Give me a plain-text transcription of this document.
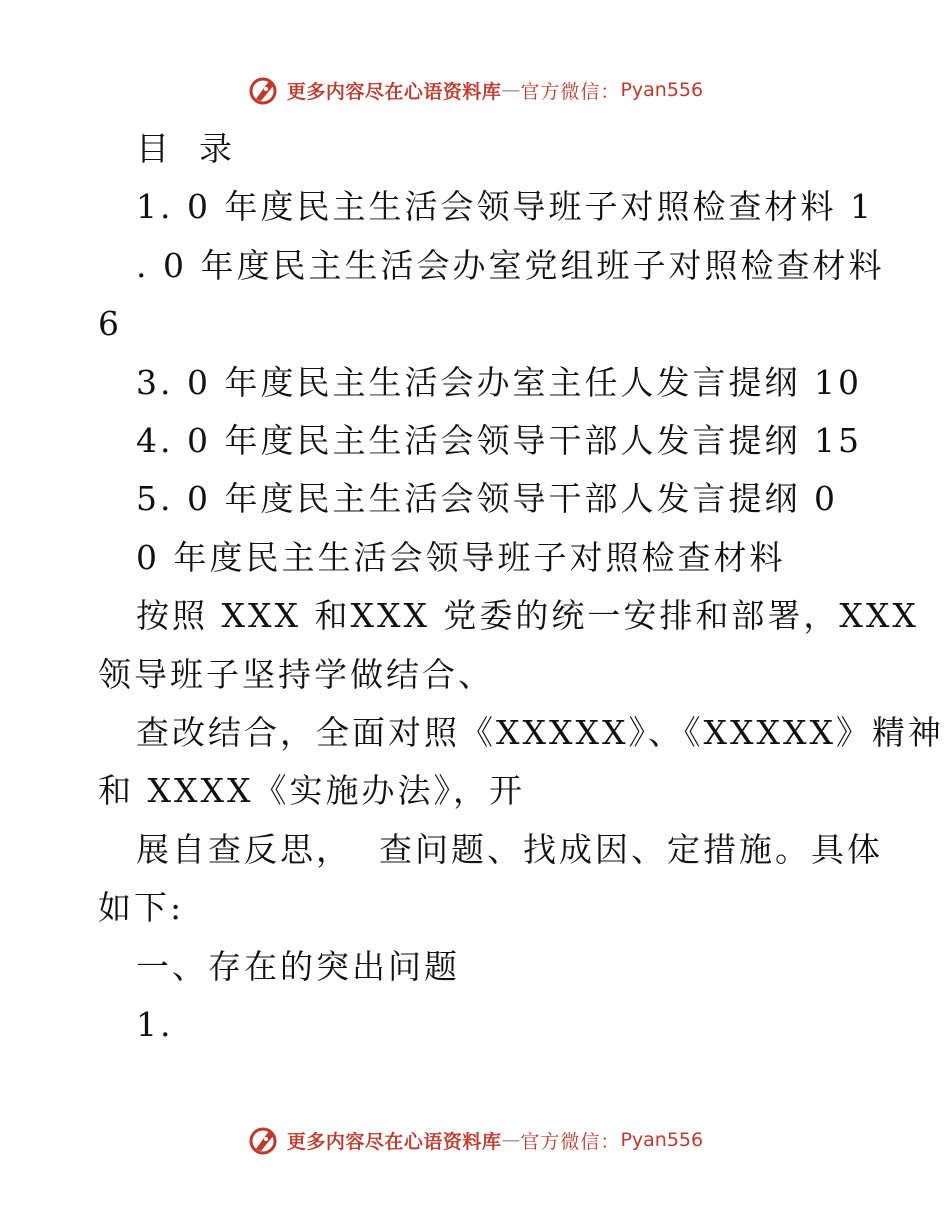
更多内容尽在心语资料库 — 官方微信： Pyan556

目  录

1. 0 年度民主生活会领导班子对照检查材料 1

. 0 年度民主生活会办室党组班子对照检查材料

6

3. 0 年度民主生活会办室主任人发言提纲 10

4. 0 年度民主生活会领导干部人发言提纲 15

5. 0 年度民主生活会领导干部人发言提纲 0

0 年度民主生活会领导班子对照检查材料

按照 XXX 和XXX 党委的统一安排和部署，XXX

领导班子坚持学做结合、

查改结合，全面对照《XXXXX》、《XXXXX》精神

和 XXXX《实施办法》，开

展自查反思，  查问题、找成因、定措施。具体

如下:

一、存在的突出问题

1.

更多内容尽在心语资料库 — 官方微信： Pyan556
